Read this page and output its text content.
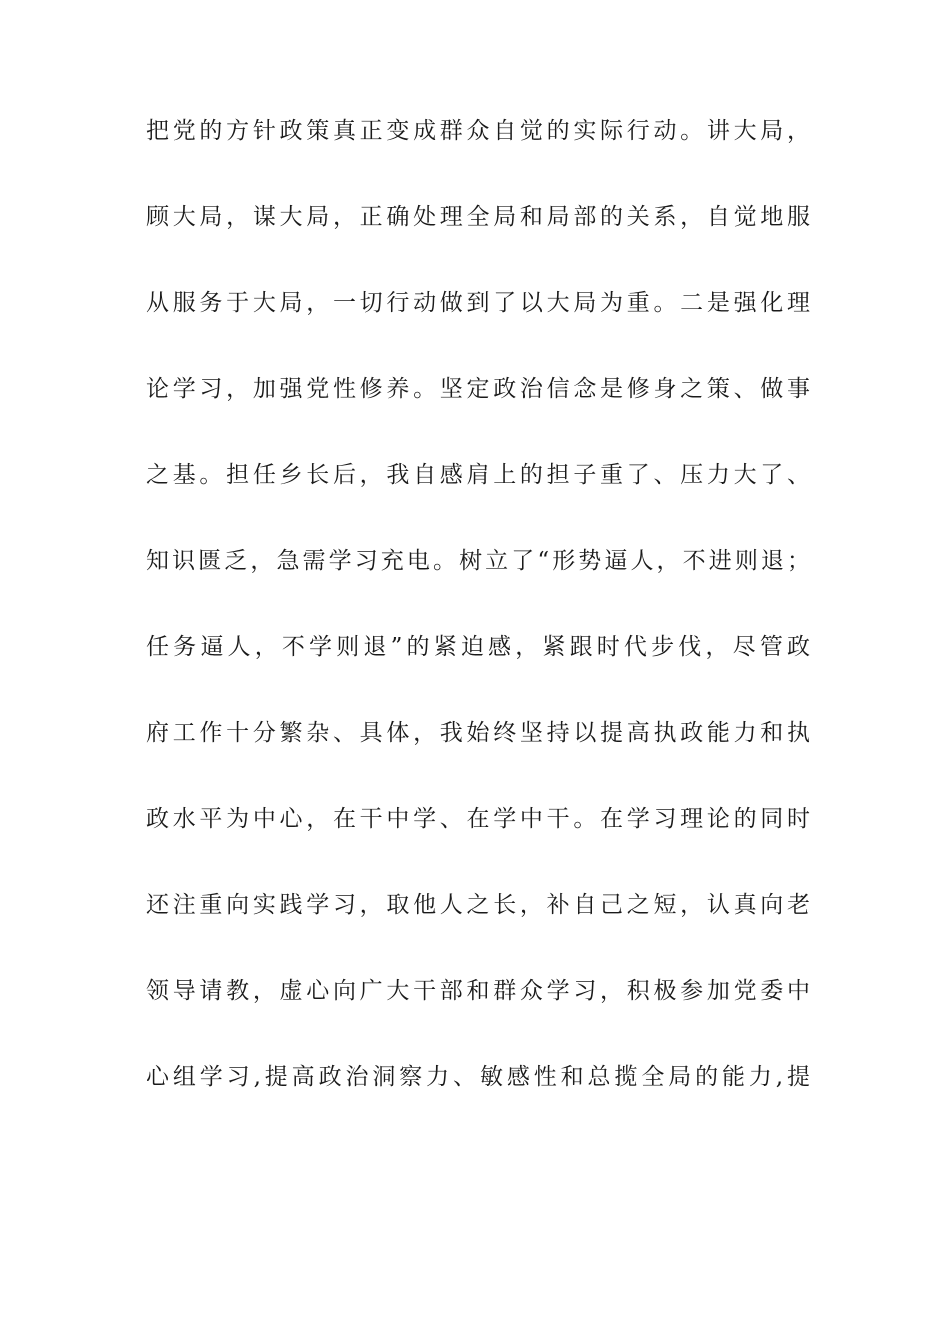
把党的方针政策真正变成群众自觉的实际行动。讲大局，
顾大局，谋大局，正确处理全局和局部的关系，自觉地服
从服务于大局，一切行动做到了以大局为重。二是强化理
论学习，加强党性修养。坚定政治信念是修身之策、做事
之基。担任乡长后，我自感肩上的担子重了、压力大了、
知识匮乏，急需学习充电。树立了“形势逼人，不进则退；
任务逼人，不学则退”的紧迫感，紧跟时代步伐，尽管政
府工作十分繁杂、具体，我始终坚持以提高执政能力和执
政水平为中心，在干中学、在学中干。在学习理论的同时
还注重向实践学习，取他人之长，补自己之短，认真向老
领导请教，虚心向广大干部和群众学习，积极参加党委中
心组学习,提高政治洞察力、敏感性和总揽全局的能力,提
